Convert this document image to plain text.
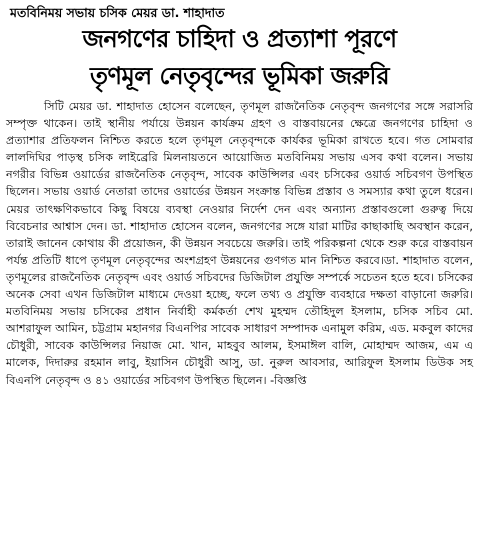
মতবিনিময় সভায় চসিক মেয়র ডা. শাহাদাত
জনগণের চাহিদা ও প্রত্যাশা পূরণে
তৃণমূল নেতৃবৃন্দের ভূমিকা জরুরি
সিটি মেয়র ডা. শাহাদাত হোসেন বলেছেন, তৃণমূল রাজনৈতিক নেতৃবৃন্দ জনগণের সঙ্গে সরাসরি সম্পৃক্ত থাকেন। তাই স্থানীয় পর্যায়ে উন্নয়ন কার্যক্রম গ্রহণ ও বাস্তবায়নের ক্ষেত্রে জনগণের চাহিদা ও প্রত্যাশার প্রতিফলন নিশ্চিত করতে হলে তৃণমূল নেতৃবৃন্দকে কার্যকর ভূমিকা রাখতে হবে। গত সোমবার লালদিঘির পাড়স্থ চসিক লাইব্রেরি মিলনায়তনে আয়োজিত মতবিনিময় সভায় এসব কথা বলেন। সভায় নগরীর বিভিন্ন ওয়ার্ডের রাজনৈতিক নেতৃবৃন্দ, সাবেক কাউন্সিলর এবং চসিকের ওয়ার্ড সচিবগণ উপস্থিত ছিলেন। সভায় ওয়ার্ড নেতারা তাদের ওয়ার্ডের উন্নয়ন সংক্রান্ত বিভিন্ন প্রস্তাব ও সমস্যার কথা তুলে ধরেন। মেয়র তাৎক্ষণিকভাবে কিছু বিষয়ে ব্যবস্থা নেওয়ার নির্দেশ দেন এবং অন্যান্য প্রস্তাবগুলো গুরুত্ব দিয়ে বিবেচনার আশ্বাস দেন। ডা. শাহাদাত হোসেন বলেন, জনগণের সঙ্গে যারা মাটির কাছাকাছি অবস্থান করেন, তারাই জানেন কোথায় কী প্রয়োজন, কী উন্নয়ন সবচেয়ে জরুরি। তাই পরিকল্পনা থেকে শুরু করে বাস্তবায়ন পর্যন্ত প্রতিটি ধাপে তৃণমূল নেতৃবৃন্দের অংশগ্রহণ উন্নয়নের গুণগত মান নিশ্চিত করবে।ডা. শাহাদাত বলেন, তৃণমূলের রাজনৈতিক নেতৃবৃন্দ এবং ওয়ার্ড সচিবদের ডিজিটাল প্রযুক্তি সম্পর্কে সচেতন হতে হবে। চসিকের অনেক সেবা এখন ডিজিটাল মাধ্যমে দেওয়া হচ্ছে, ফলে তথ্য ও প্রযুক্তি ব্যবহারে দক্ষতা বাড়ানো জরুরি। মতবিনিময় সভায় চসিকের প্রধান নির্বাহী কর্মকর্তা শেখ মুহম্মদ তৌহিদুল ইসলাম, চসিক সচিব মো. আশরাফুল আমিন, চট্টগ্রাম মহানগর বিএনপির সাবেক সাধারণ সম্পাদক এনামুল করিম, এড. মকবুল কাদের চৌধুরী, সাবেক কাউন্সিলর নিয়াজ মো. খান, মাহবুব আলম, ইসমাঈল বালি, মোহাম্মদ আজম, এম এ মালেক, দিদারুর রহমান লাবু, ইয়াসিন চৌধুরী আসু, ডা. নুরুল আবসার, আরিফুল ইসলাম ডিউক সহ বিএনপি নেতৃবৃন্দ ও ৪১ ওয়ার্ডের সচিবগণ উপস্থিত ছিলেন। -বিজ্ঞপ্তি
